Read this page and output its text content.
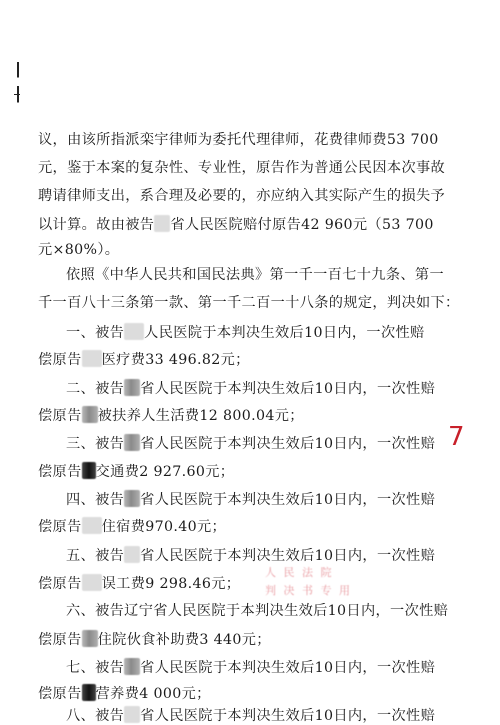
议，由该所指派栾宇律师为委托代理律师，花费律师费53 700
元，鉴于本案的复杂性、专业性，原告作为普通公民因本次事故
聘请律师支出，系合理及必要的，亦应纳入其实际产生的损失予
以计算。故由被告 省人民医院赔付原告42 960元（53 700
元×80%）。
依照《中华人民共和国民法典》第一千一百七十九条、第一
千一百八十三条第一款、第一千二百一十八条的规定，判决如下：
一、被告 人民医院于本判决生效后10日内，一次性赔
偿原告 医疗费33 496.82元；
二、被告 省人民医院于本判决生效后10日内，一次性赔
偿原告 被扶养人生活费12 800.04元；
三、被告 省人民医院于本判决生效后10日内，一次性赔
偿原告 交通费2 927.60元；
四、被告 省人民医院于本判决生效后10日内，一次性赔
偿原告 住宿费970.40元；
五、被告 省人民医院于本判决生效后10日内，一次性赔
偿原告 误工费9 298.46元；
六、被告辽宁省人民医院于本判决生效后10日内，一次性赔
偿原告 住院伙食补助费3 440元；
七、被告 省人民医院于本判决生效后10日内，一次性赔
偿原告 营养费4 000元；
八、被告 省人民医院于本判决生效后10日内，一次性赔
人 民 法 院
判 决 书 专 用
7
